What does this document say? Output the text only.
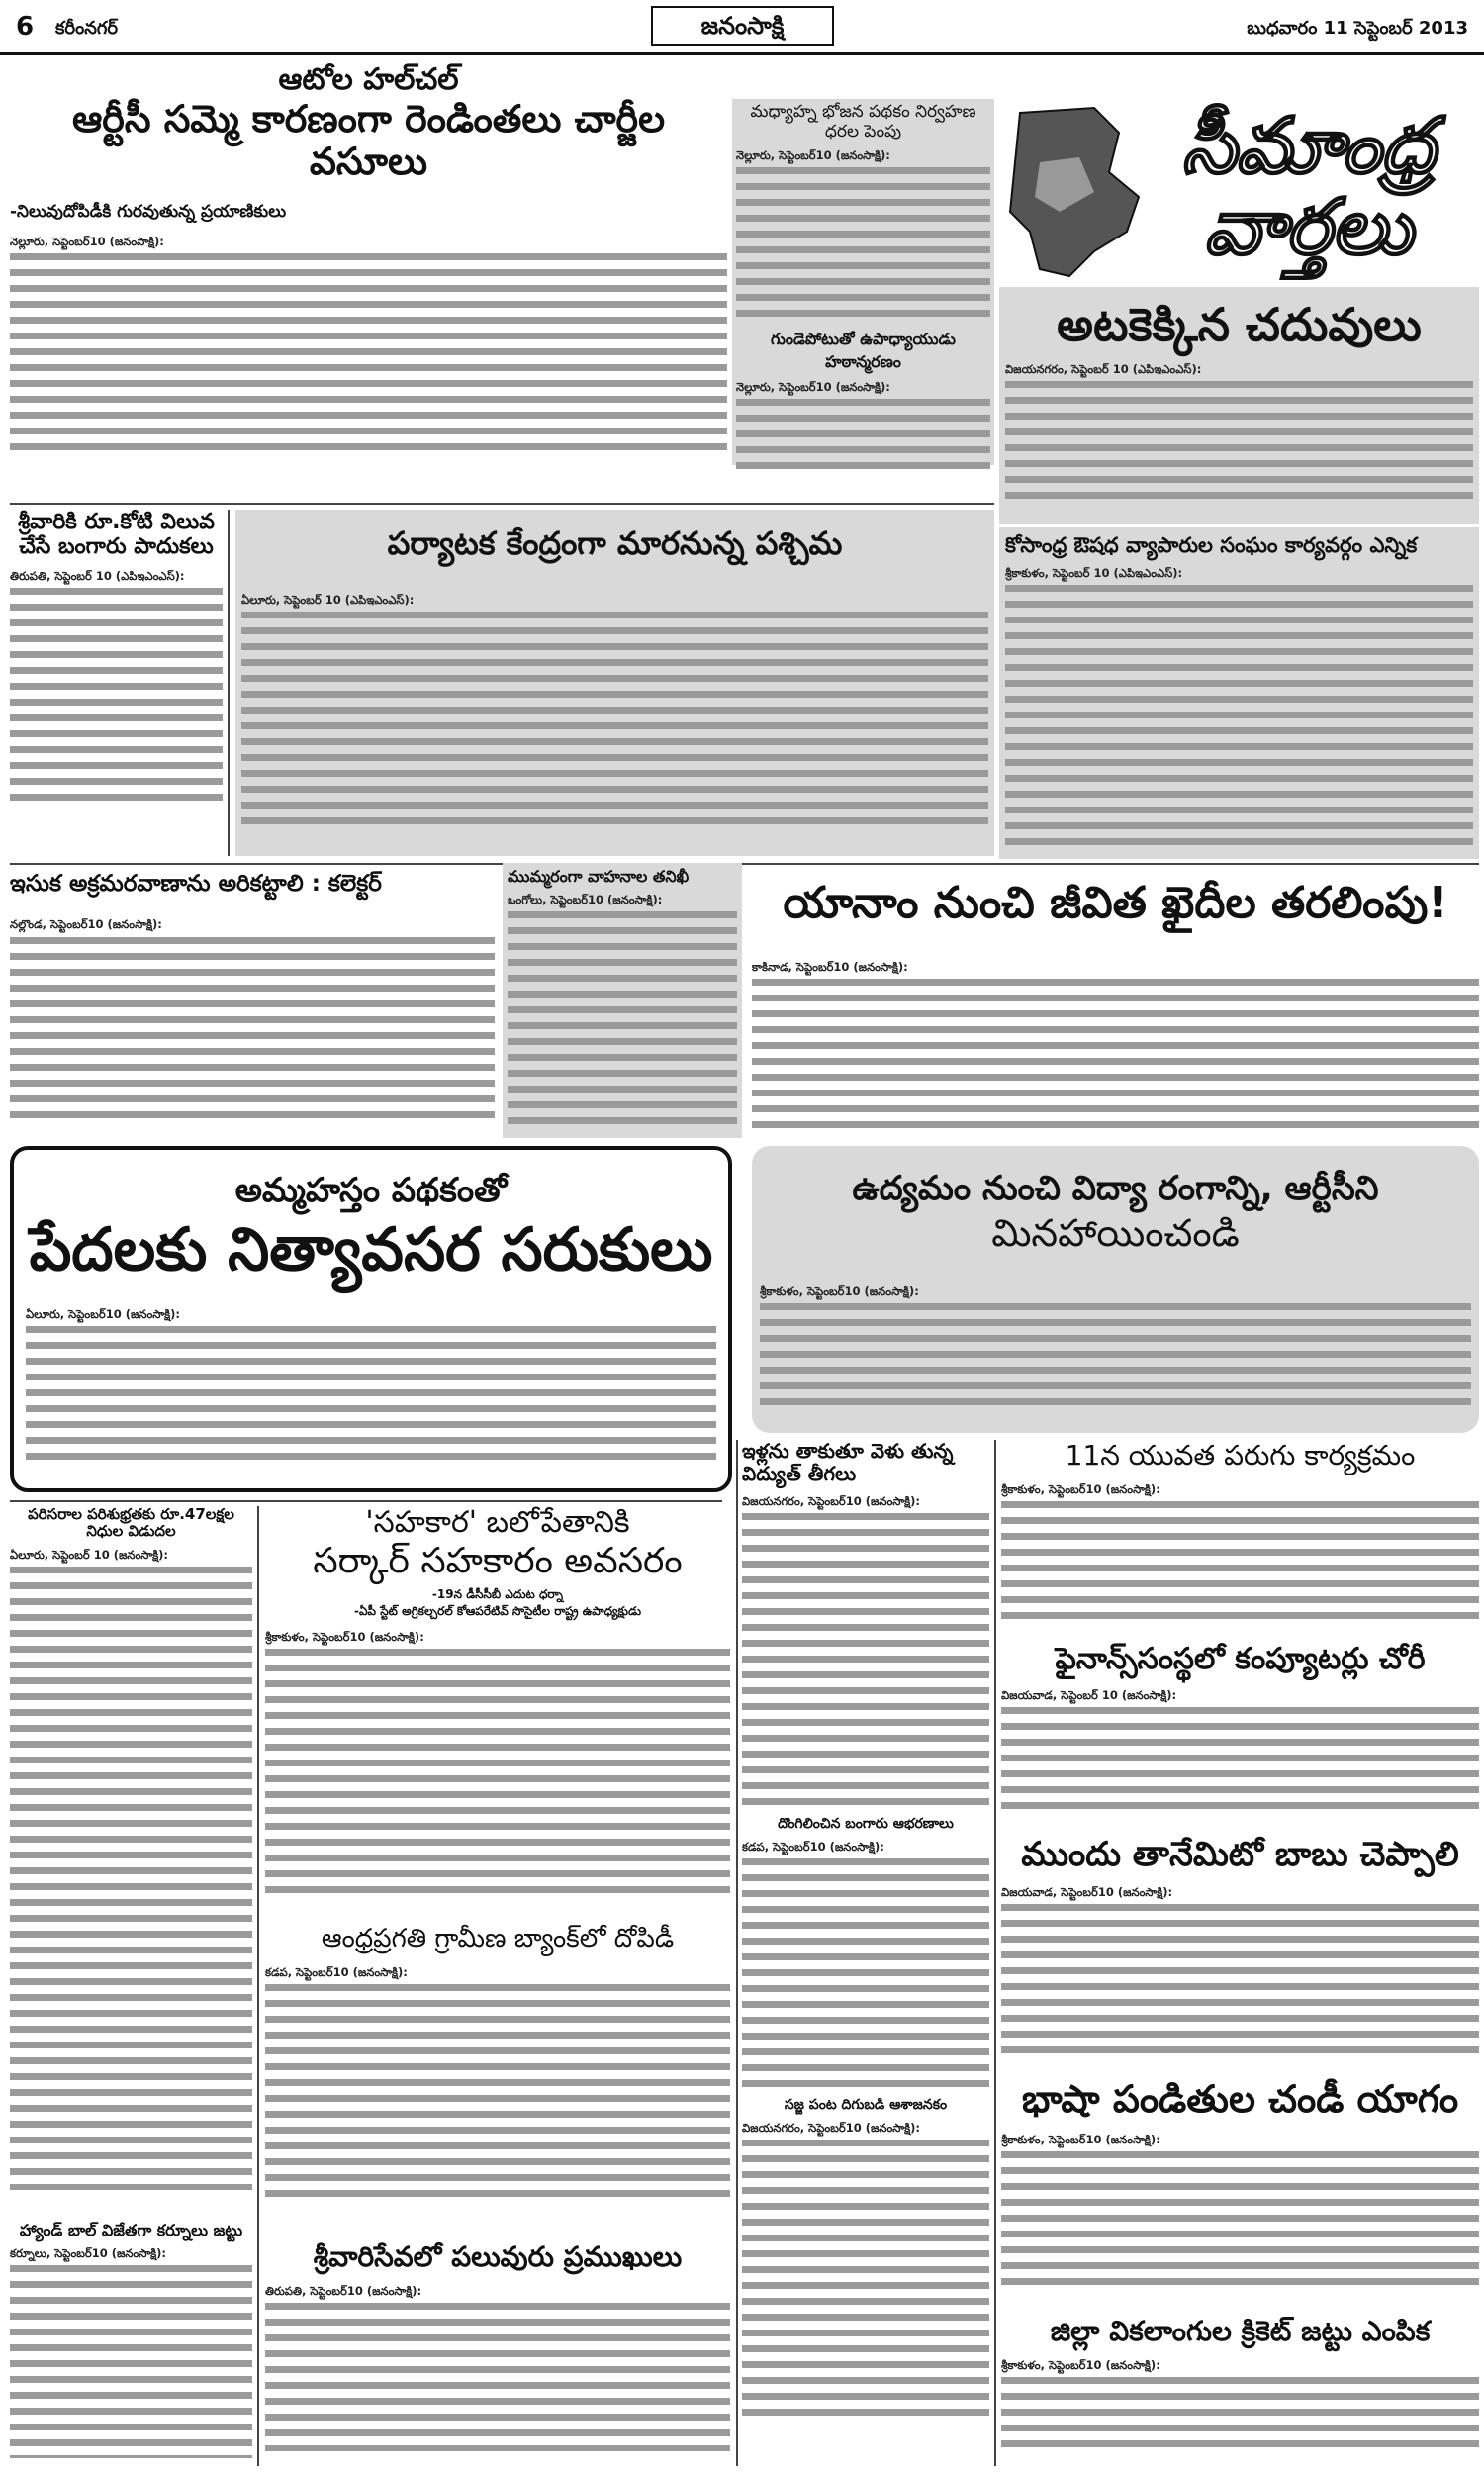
6 కరీంనగర్	జనంసాక్షి	బుధవారం 11 సెప్టెంబర్ 2013
ఆటోల హల్‌చల్
ఆర్టీసీ సమ్మె కారణంగా రెండింతలు చార్జీల వసూలు
-నిలువుదోపిడీకి గురవుతున్న ప్రయాణికులు
నెల్లూరు, సెప్టెంబర్10 (జనంసాక్షి):
మధ్యాహ్న భోజన పథకం నిర్వహణ ధరల పెంపు
నెల్లూరు, సెప్టెంబర్10 (జనంసాక్షి):
గుండెపోటుతో ఉపాధ్యాయుడు హఠాన్మరణం
నెల్లూరు, సెప్టెంబర్10 (జనంసాక్షి):
సీమాంధ్ర వార్తలు
అటకెక్కిన చదువులు
విజయనగరం, సెప్టెంబర్ 10 (ఎపిఇఎంఎస్):
కోసాంధ్ర ఔషధ వ్యాపారుల సంఘం కార్యవర్గం ఎన్నిక
శ్రీకాకుళం, సెప్టెంబర్ 10 (ఎపిఇఎంఎస్):
శ్రీవారికి రూ.కోటి విలువ చేసే బంగారు పాదుకలు
తిరుపతి, సెప్టెంబర్ 10 (ఎపిఇఎంఎస్):
పర్యాటక కేంద్రంగా మారనున్న పశ్చిమ
ఏలూరు, సెప్టెంబర్ 10 (ఎపిఇఎంఎస్):
ఇసుక అక్రమరవాణాను అరికట్టాలి : కలెక్టర్
నల్లొండ, సెప్టెంబర్10 (జనంసాక్షి):
ముమ్మరంగా వాహనాల తనిఖీ
ఒంగోలు, సెప్టెంబర్10 (జనంసాక్షి):	యానాం నుంచి జీవిత ఖైదీల తరలింపు!
కాకినాడ, సెప్టెంబర్10 (జనంసాక్షి):
అమ్మహస్తం పథకంతో
పేదలకు నిత్యావసర సరుకులు
ఏలూరు, సెప్టెంబర్10 (జనంసాక్షి):
ఉద్యమం నుంచి విద్యా రంగాన్ని, ఆర్టీసీని
మినహాయించండి
శ్రీకాకుళం, సెప్టెంబర్10 (జనంసాక్షి):
పరిసరాల పరిశుభ్రతకు రూ.47లక్షల నిధుల విడుదల
ఏలూరు, సెప్టెంబర్ 10 (జనంసాక్షి):
హ్యాండ్ బాల్ విజేతగా కర్నూలు జట్టు
కర్నూలు, సెప్టెంబర్10 (జనంసాక్షి):
'సహకార' బలోపేతానికి
సర్కార్ సహకారం అవసరం
-19న డీసీసీబీ ఎదుట ధర్నా
-ఏపీ స్టేట్ అగ్రికల్చరల్ కోఆపరేటివ్ సొసైటీల రాష్ట్ర ఉపాధ్యక్షుడు
శ్రీకాకుళం, సెప్టెంబర్10 (జనంసాక్షి):
ఆంధ్రప్రగతి గ్రామీణ బ్యాంక్‌లో దోపిడీ
కడప, సెప్టెంబర్10 (జనంసాక్షి):
శ్రీవారిసేవలో పలువురు ప్రముఖులు
తిరుపతి, సెప్టెంబర్10 (జనంసాక్షి):
ఇళ్లను తాకుతూ వెళు తున్న విద్యుత్ తీగలు
విజయనగరం, సెప్టెంబర్10 (జనంసాక్షి):
దొంగిలించిన బంగారు ఆభరణాలు
కడప, సెప్టెంబర్10 (జనంసాక్షి):
సజ్జ పంట దిగుబడి ఆశాజనకం
విజయనగరం, సెప్టెంబర్10 (జనంసాక్షి):
11న యువత పరుగు కార్యక్రమం
శ్రీకాకుళం, సెప్టెంబర్10 (జనంసాక్షి):
ఫైనాన్స్‌సంస్థలో కంప్యూటర్లు చోరీ
విజయవాడ, సెప్టెంబర్ 10 (జనంసాక్షి):
ముందు తానేమిటో బాబు చెప్పాలి
విజయవాడ, సెప్టెంబర్10 (జనంసాక్షి):
భాషా పండితుల చండీ యాగం
శ్రీకాకుళం, సెప్టెంబర్10 (జనంసాక్షి):
జిల్లా వికలాంగుల క్రికెట్ జట్టు ఎంపిక
శ్రీకాకుళం, సెప్టెంబర్10 (జనంసాక్షి):
